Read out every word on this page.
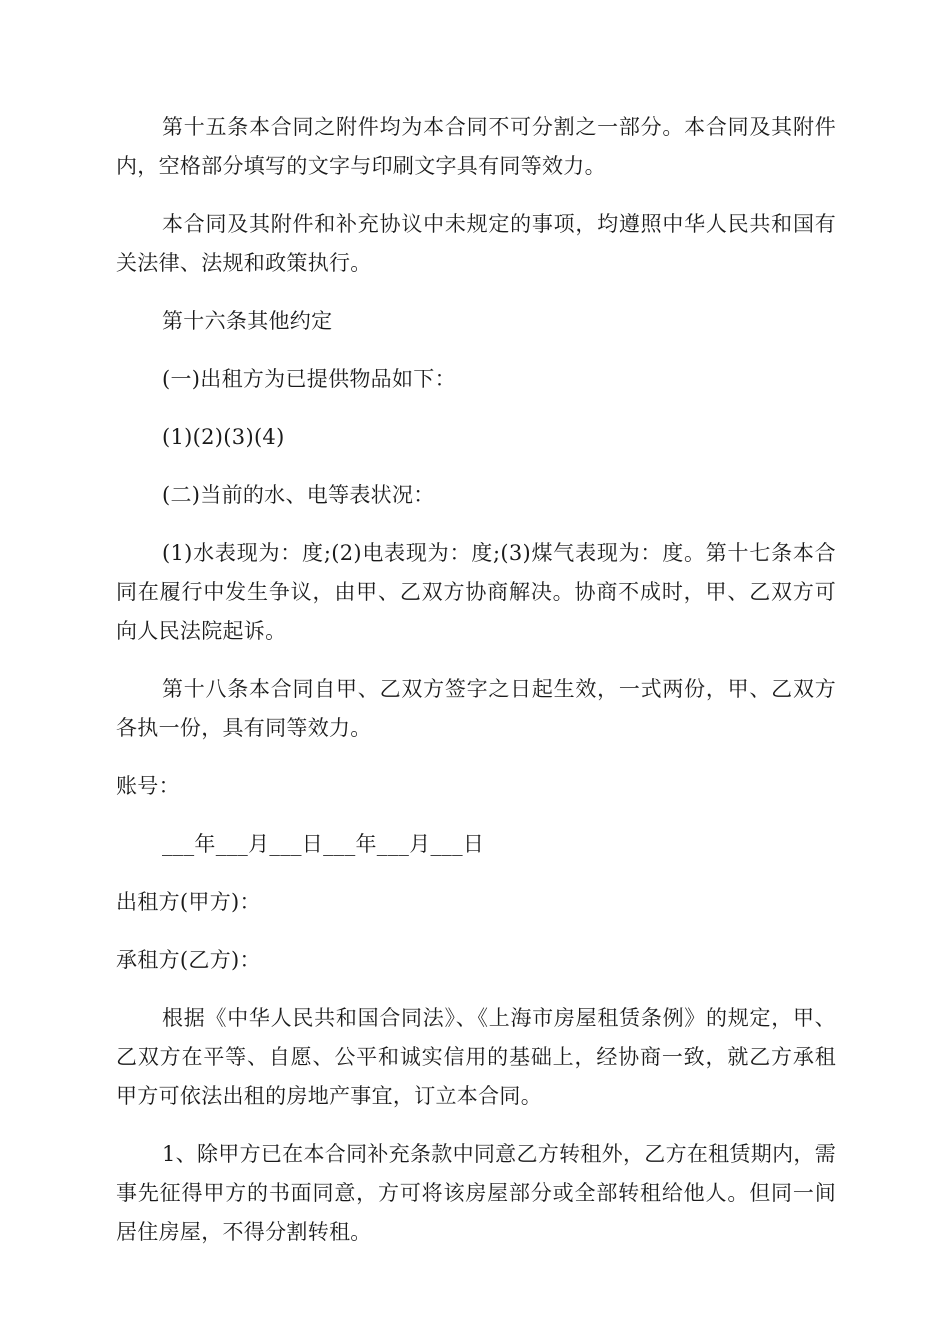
第十五条本合同之附件均为本合同不可分割之一部分。本合同及其附件内，空格部分填写的文字与印刷文字具有同等效力。

本合同及其附件和补充协议中未规定的事项，均遵照中华人民共和国有关法律、法规和政策执行。

第十六条其他约定

(一)出租方为已提供物品如下：

(1)(2)(3)(4)

(二)当前的水、电等表状况：

(1)水表现为：度;(2)电表现为：度;(3)煤气表现为：度。第十七条本合同在履行中发生争议，由甲、乙双方协商解决。协商不成时，甲、乙双方可向人民法院起诉。

第十八条本合同自甲、乙双方签字之日起生效，一式两份，甲、乙双方各执一份，具有同等效力。

账号：

___年___月___日___年___月___日

出租方(甲方)：

承租方(乙方)：

根据《中华人民共和国合同法》、《上海市房屋租赁条例》的规定，甲、乙双方在平等、自愿、公平和诚实信用的基础上，经协商一致，就乙方承租甲方可依法出租的房地产事宜，订立本合同。

1、除甲方已在本合同补充条款中同意乙方转租外，乙方在租赁期内，需事先征得甲方的书面同意，方可将该房屋部分或全部转租给他人。但同一间居住房屋，不得分割转租。
